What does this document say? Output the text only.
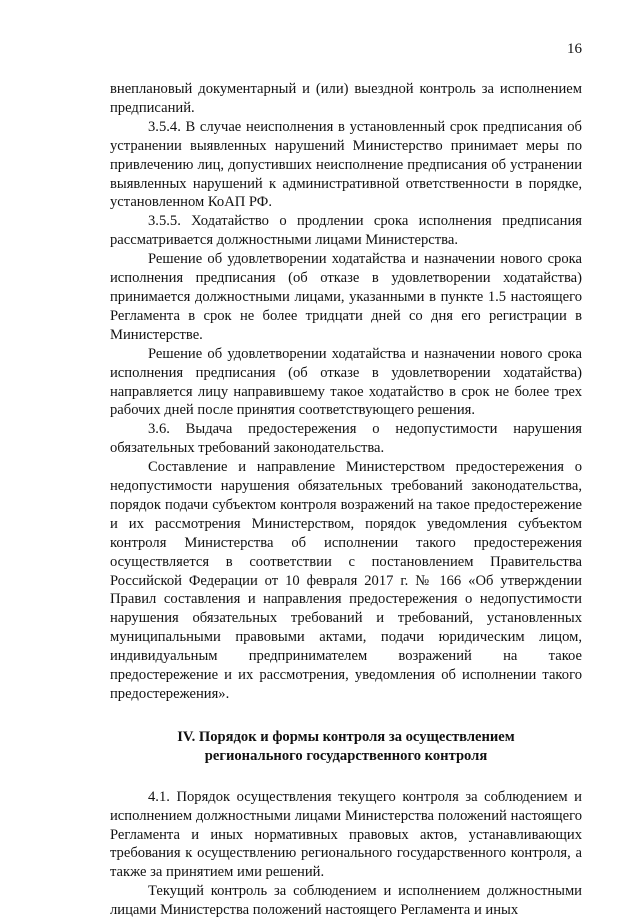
16

внеплановый документарный и (или) выездной контроль за исполнением предписаний.

3.5.4. В случае неисполнения в установленный срок предписания об устранении выявленных нарушений Министерство принимает меры по привлечению лиц, допустивших неисполнение предписания об устранении выявленных нарушений к административной ответственности в порядке, установленном КоАП РФ.

3.5.5. Ходатайство о продлении срока исполнения предписания рассматривается должностными лицами Министерства.

Решение об удовлетворении ходатайства и назначении нового срока исполнения предписания (об отказе в удовлетворении ходатайства) принимается должностными лицами, указанными в пункте 1.5 настоящего Регламента в срок не более тридцати дней со дня его регистрации в Министерстве.

Решение об удовлетворении ходатайства и назначении нового срока исполнения предписания (об отказе в удовлетворении ходатайства) направляется лицу направившему такое ходатайство в срок не более трех рабочих дней после принятия соответствующего решения.

3.6. Выдача предостережения о недопустимости нарушения обязательных требований законодательства.

Составление и направление Министерством предостережения о недопустимости нарушения обязательных требований законодательства, порядок подачи субъектом контроля возражений на такое предостережение и их рассмотрения Министерством, порядок уведомления субъектом контроля Министерства об исполнении такого предостережения осуществляется в соответствии с постановлением Правительства Российской Федерации от 10 февраля 2017 г. № 166 «Об утверждении Правил составления и направления предостережения о недопустимости нарушения обязательных требований и требований, установленных муниципальными правовыми актами, подачи юридическим лицом, индивидуальным предпринимателем возражений на такое предостережение и их рассмотрения, уведомления об исполнении такого предостережения».

IV. Порядок и формы контроля за осуществлением
регионального государственного контроля

4.1. Порядок осуществления текущего контроля за соблюдением и исполнением должностными лицами Министерства положений настоящего Регламента и иных нормативных правовых актов, устанавливающих требования к осуществлению регионального государственного контроля, а также за принятием ими решений.

Текущий контроль за соблюдением и исполнением должностными лицами Министерства положений настоящего Регламента и иных
